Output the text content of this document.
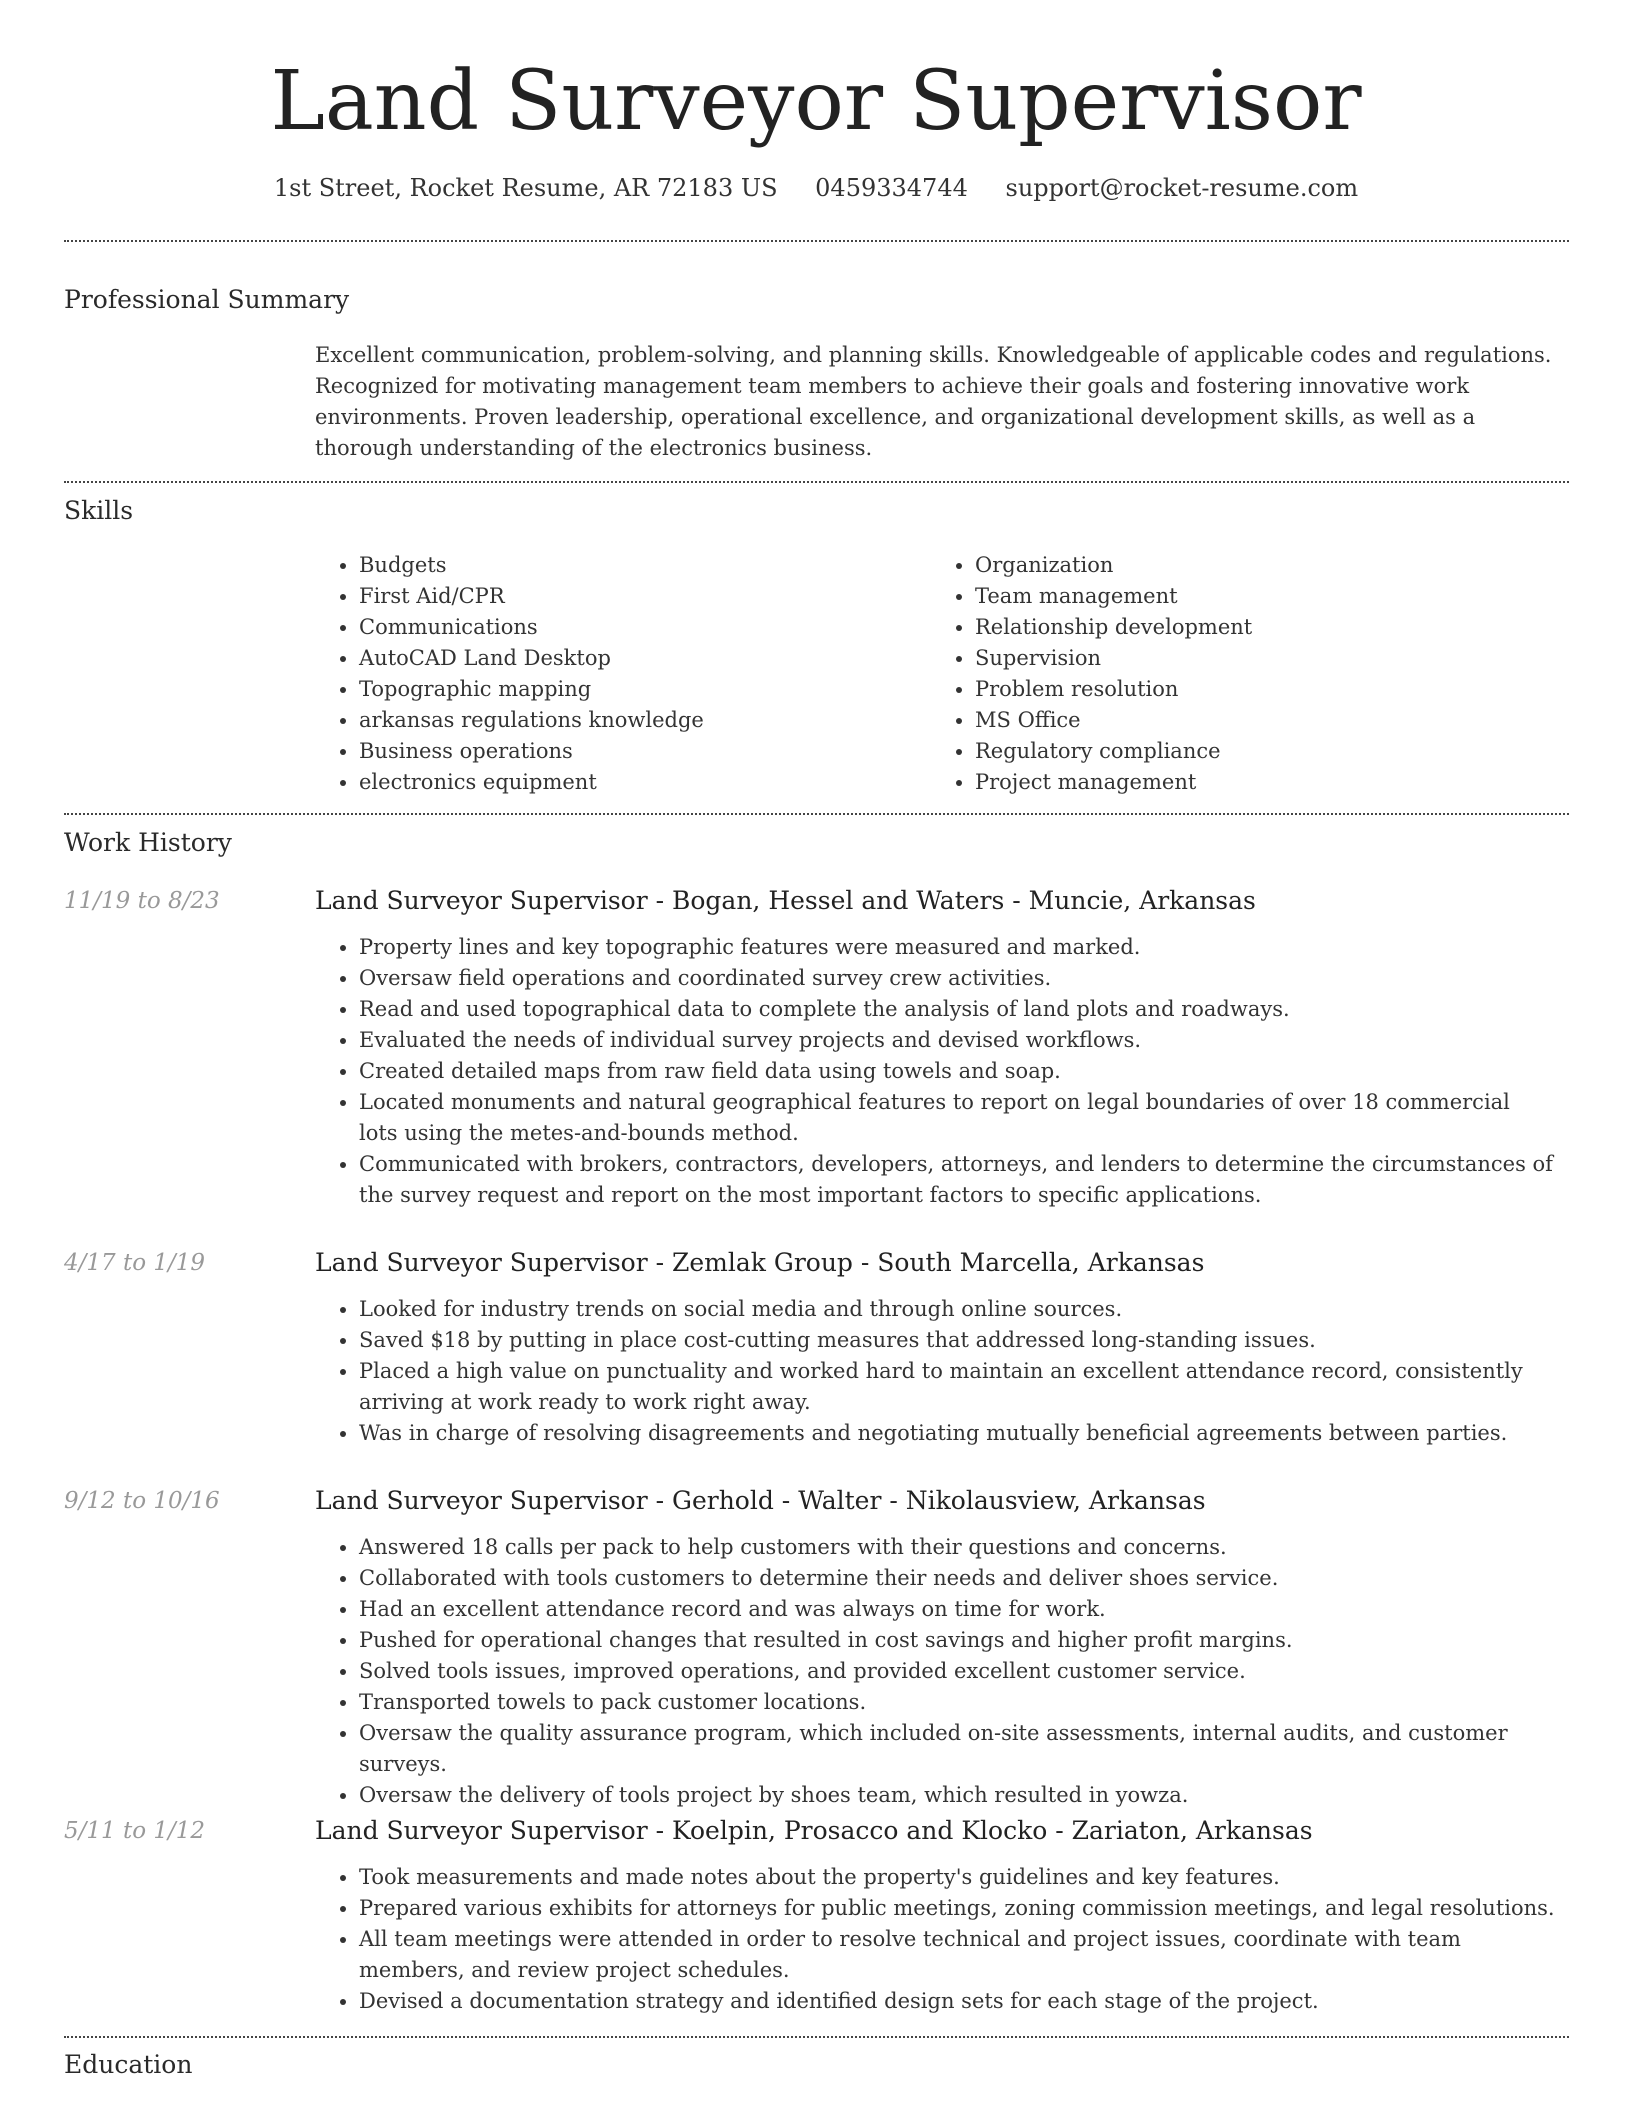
Land Surveyor Supervisor
1st Street, Rocket Resume, AR 72183 US 0459334744 support@rocket-resume.com
Professional Summary

Excellent communication, problem-solving, and planning skills. Knowledgeable of applicable codes and regulations. Recognized for motivating management team members to achieve their goals and fostering innovative work environments. Proven leadership, operational excellence, and organizational development skills, as well as a thorough understanding of the electronics business.

Skills
• Budgets
• First Aid/CPR
• Communications
• AutoCAD Land Desktop
• Topographic mapping
• arkansas regulations knowledge
• Business operations
• electronics equipment
• Organization
• Team management
• Relationship development
• Supervision
• Problem resolution
• MS Office
• Regulatory compliance
• Project management
Work History
11/19 to 8/23	Land Surveyor Supervisor - Bogan, Hessel and Waters - Muncie, Arkansas
• Property lines and key topographic features were measured and marked.
• Oversaw field operations and coordinated survey crew activities.
• Read and used topographical data to complete the analysis of land plots and roadways.
• Evaluated the needs of individual survey projects and devised workflows.
• Created detailed maps from raw field data using towels and soap.
• Located monuments and natural geographical features to report on legal boundaries of over 18 commercial lots using the metes-and-bounds method.
• Communicated with brokers, contractors, developers, attorneys, and lenders to determine the circumstances of the survey request and report on the most important factors to specific applications.
4/17 to 1/19	Land Surveyor Supervisor - Zemlak Group - South Marcella, Arkansas
• Looked for industry trends on social media and through online sources.
• Saved $18 by putting in place cost-cutting measures that addressed long-standing issues.
• Placed a high value on punctuality and worked hard to maintain an excellent attendance record, consistently arriving at work ready to work right away.
• Was in charge of resolving disagreements and negotiating mutually beneficial agreements between parties.
9/12 to 10/16	Land Surveyor Supervisor - Gerhold - Walter - Nikolausview, Arkansas
• Answered 18 calls per pack to help customers with their questions and concerns.
• Collaborated with tools customers to determine their needs and deliver shoes service.
• Had an excellent attendance record and was always on time for work.
• Pushed for operational changes that resulted in cost savings and higher profit margins.
• Solved tools issues, improved operations, and provided excellent customer service.
• Transported towels to pack customer locations.
• Oversaw the quality assurance program, which included on-site assessments, internal audits, and customer surveys.
• Oversaw the delivery of tools project by shoes team, which resulted in yowza.
5/11 to 1/12	Land Surveyor Supervisor - Koelpin, Prosacco and Klocko - Zariaton, Arkansas
• Took measurements and made notes about the property's guidelines and key features.
• Prepared various exhibits for attorneys for public meetings, zoning commission meetings, and legal resolutions.
• All team meetings were attended in order to resolve technical and project issues, coordinate with team members, and review project schedules.
• Devised a documentation strategy and identified design sets for each stage of the project.
Education
